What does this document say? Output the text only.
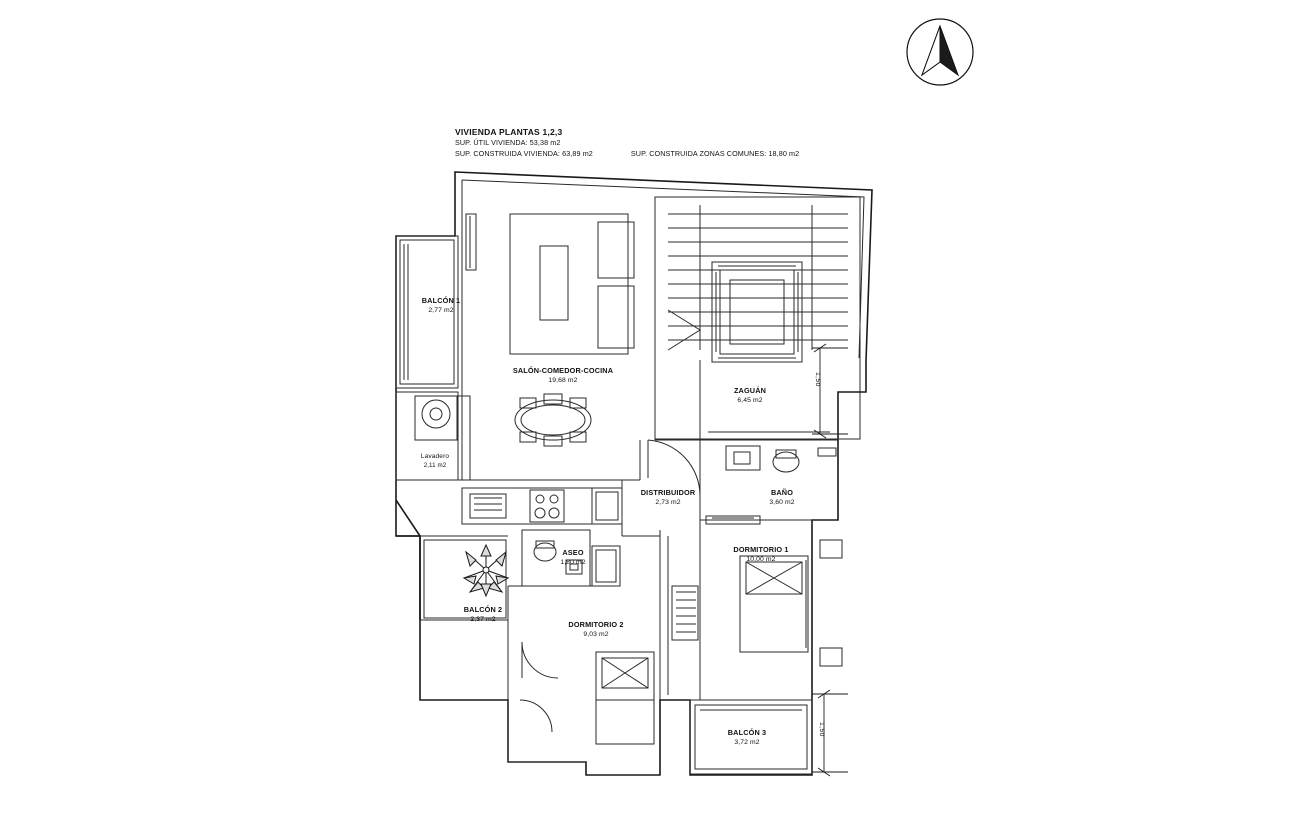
VIVIENDA PLANTAS 1,2,3
SUP. ÚTIL VIVIENDA: 53,38 m2
SUP. CONSTRUIDA VIVIENDA: 63,89 m2	SUP. CONSTRUIDA ZONAS COMUNES: 18,80 m2
BALCÓN 1
2,77 m2
SALÓN-COMEDOR-COCINA
19,68 m2
ZAGUÁN
6,45 m2
Lavadero
2,11 m2
DISTRIBUIDOR
2,73 m2
BAÑO
3,60 m2
ASEO
1,80 m2
DORMITORIO 1
10,00 m2
BALCÓN 2
2,37 m2
DORMITORIO 2
9,03 m2
BALCÓN 3
3,72 m2
1,50
1,50
